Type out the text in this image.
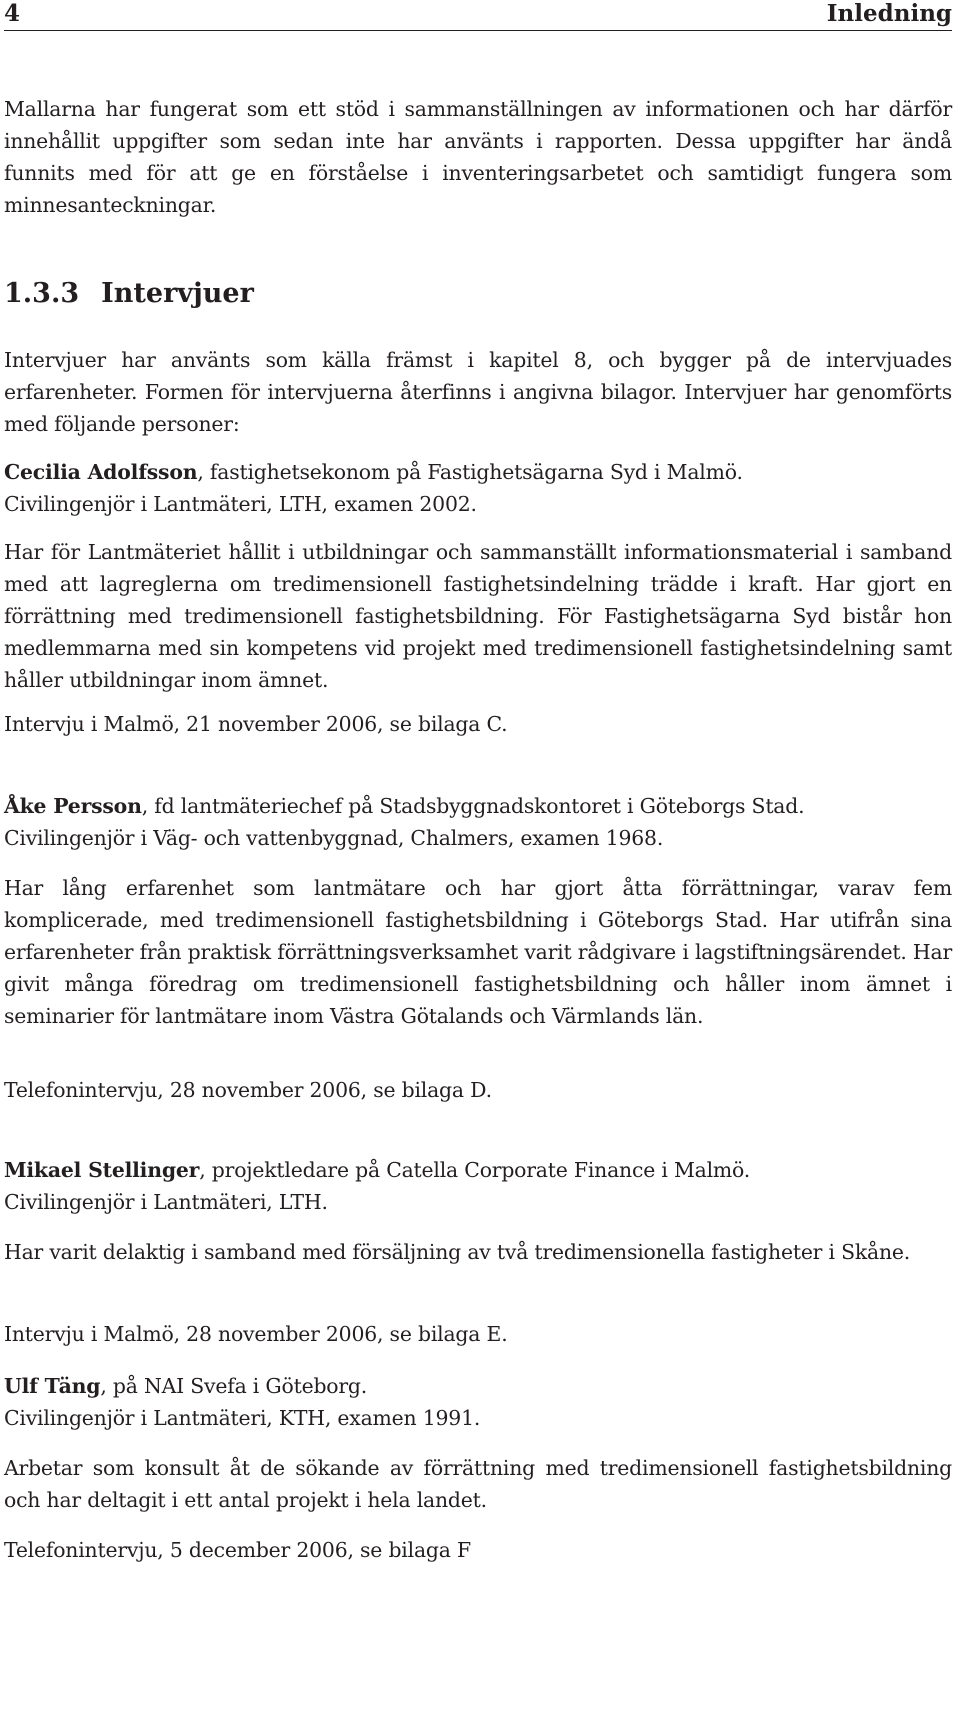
4	Inledning

Mallarna har fungerat som ett stöd i sammanställningen av informationen och har därför innehållit uppgifter som sedan inte har använts i rapporten. Dessa uppgifter har ändå funnits med för att ge en förståelse i inventeringsarbetet och samtidigt fungera som minnesanteckningar.

1.3.3 Intervjuer

Intervjuer har använts som källa främst i kapitel 8, och bygger på de intervjuades erfarenheter. Formen för intervjuerna återfinns i angivna bilagor. Intervjuer har genomförts med följande personer:

Cecilia Adolfsson, fastighetsekonom på Fastighetsägarna Syd i Malmö.

Civilingenjör i Lantmäteri, LTH, examen 2002.

Har för Lantmäteriet hållit i utbildningar och sammanställt informationsmaterial i samband med att lagreglerna om tredimensionell fastighetsindelning trädde i kraft. Har gjort en förrättning med tredimensionell fastighetsbildning. För Fastighetsägarna Syd bistår hon medlemmarna med sin kompetens vid projekt med tredimensionell fastighetsindelning samt håller utbildningar inom ämnet.

Intervju i Malmö, 21 november 2006, se bilaga C.

Åke Persson, fd lantmäteriechef på Stadsbyggnadskontoret i Göteborgs Stad.

Civilingenjör i Väg- och vattenbyggnad, Chalmers, examen 1968.

Har lång erfarenhet som lantmätare och har gjort åtta förrättningar, varav fem komplicerade, med tredimensionell fastighetsbildning i Göteborgs Stad. Har utifrån sina erfarenheter från praktisk förrättningsverksamhet varit rådgivare i lagstiftningsärendet. Har givit många föredrag om tredimensionell fastighetsbildning och håller inom ämnet i seminarier för lantmätare inom Västra Götalands och Värmlands län.

Telefonintervju, 28 november 2006, se bilaga D.

Mikael Stellinger, projektledare på Catella Corporate Finance i Malmö.

Civilingenjör i Lantmäteri, LTH.

Har varit delaktig i samband med försäljning av två tredimensionella fastigheter i Skåne.

Intervju i Malmö, 28 november 2006, se bilaga E.

Ulf Täng, på NAI Svefa i Göteborg.

Civilingenjör i Lantmäteri, KTH, examen 1991.

Arbetar som konsult åt de sökande av förrättning med tredimensionell fastighetsbildning och har deltagit i ett antal projekt i hela landet.

Telefonintervju, 5 december 2006, se bilaga F
